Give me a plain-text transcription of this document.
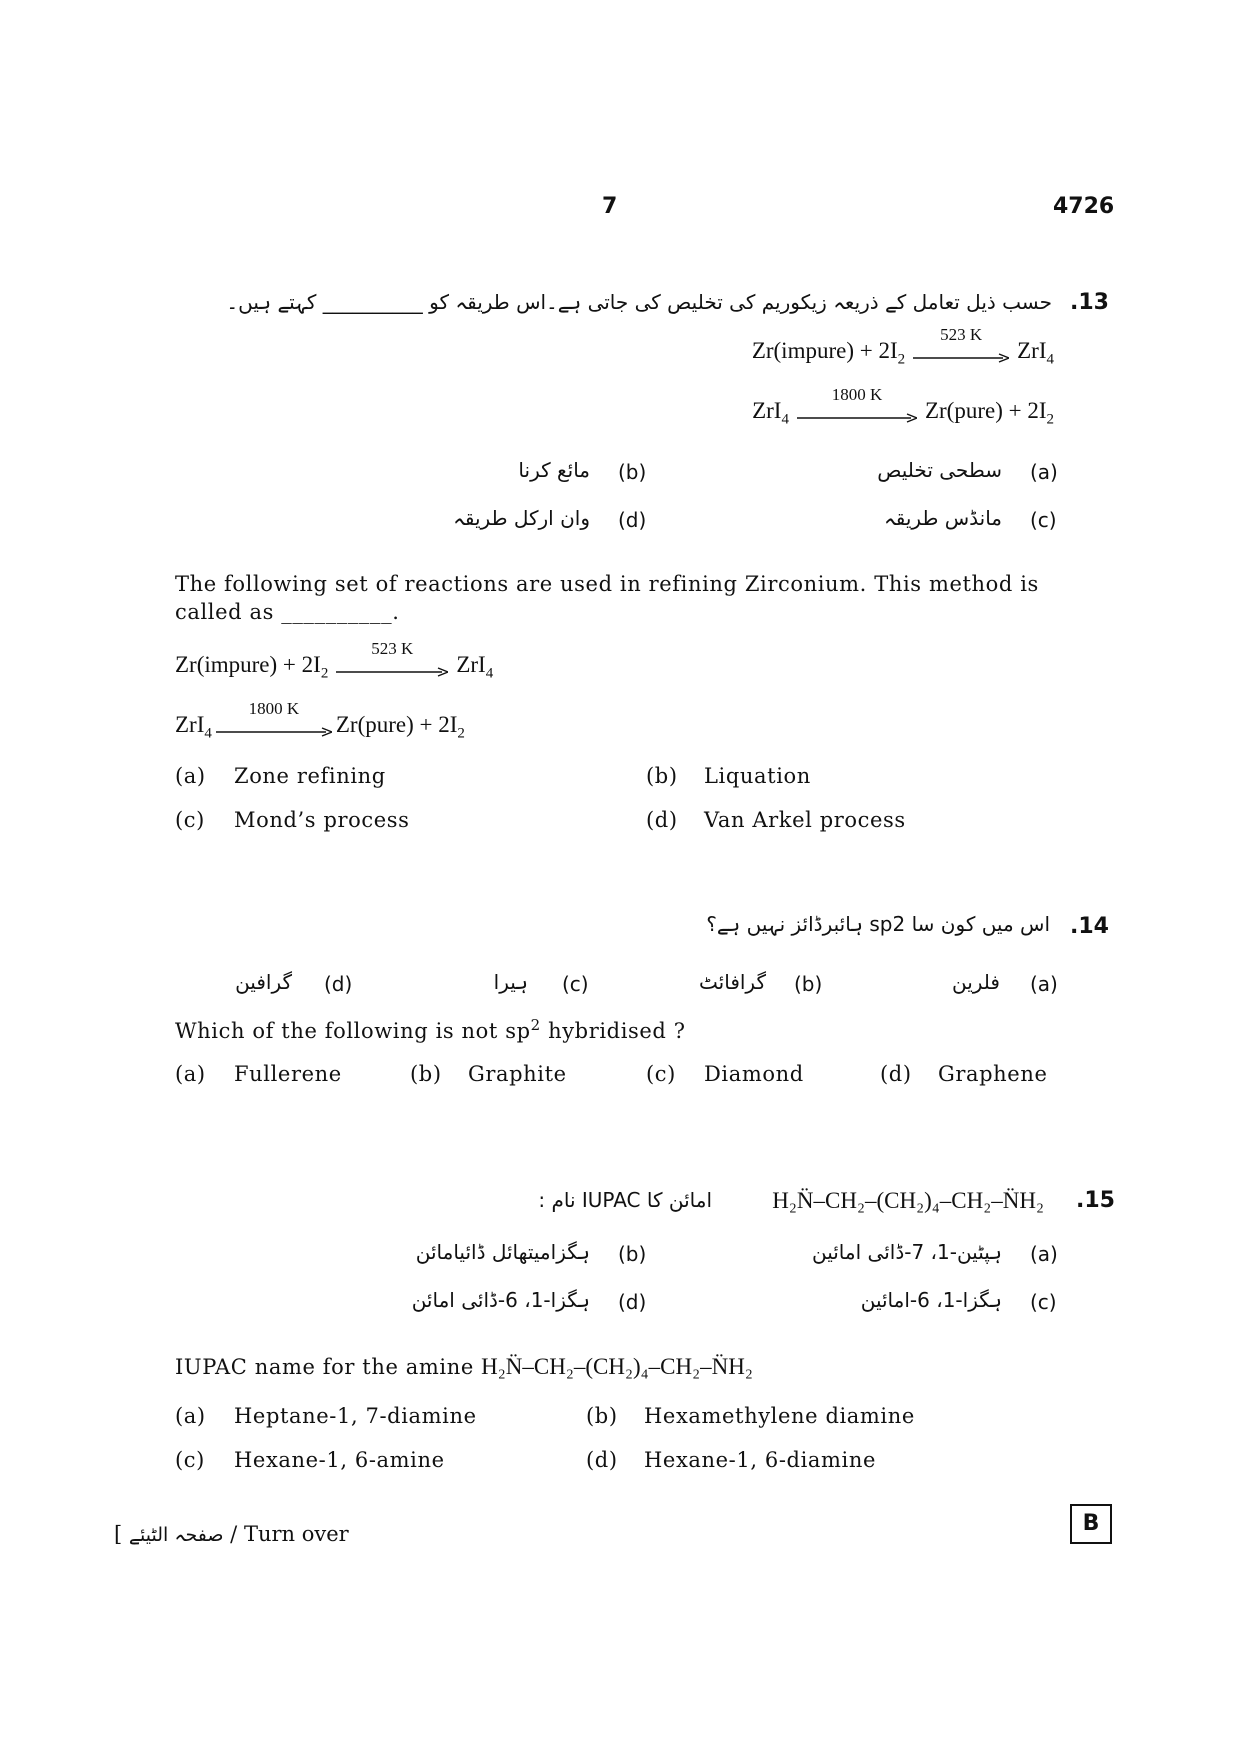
7	4726
.13
حسب ذیل تعامل کے ذریعہ زیکوریم کی تخلیص کی جاتی ہے۔اس طریقہ کو __________ کہتے ہیں۔
Zr(impure) + $2I_2$
523 K
ZrI$_4$
ZrI$_4$
1800 K
Zr(pure) + $2I_2$
(a)
سطحی تخلیص
(b)
مائع کرنا
(c)
مانڈس طریقہ
(d)
وان ارکل طریقہ
The following set of reactions are used in refining Zirconium. This method is called as __________.
Zr(impure) + $2I_2$
523 K
ZrI$_4$
ZrI$_4$
1800 K
Zr(pure) + $2I_2$
(a) Zone refining	(b) Liquation
(c) Mond’s process	(d) Van Arkel process
.14
اس میں کون سا sp2 ہائبرڈائز نہیں ہے؟
(a)
فلرین
(b)
گرافائٹ
(c)
ہیرا
(d)
گرافین
Which of the following is not $sp^2$ hybridised ?
(a) Fullerene	(b) Graphite	(c) Diamond	(d) Graphene
.15
H₂N̈–CH₂–(CH₂)₄–CH₂–N̈H₂
امائن کا IUPAC نام :
(a)
ہپٹین-1، 7-ڈائی امائین
(b)
ہگزامیتھائل ڈائیامائن
(c)
ہگزا-1، 6-امائین
(d)
ہگزا-1، 6-ڈائی امائن
IUPAC name for the amine H₂N̈–CH₂–(CH₂)₄–CH₂–N̈H₂
(a) Heptane-1, 7-diamine	(b) Hexamethylene diamine
(c) Hexane-1, 6-amine	(d) Hexane-1, 6-diamine
[ صفحہ الٹیئے / Turn over	B
